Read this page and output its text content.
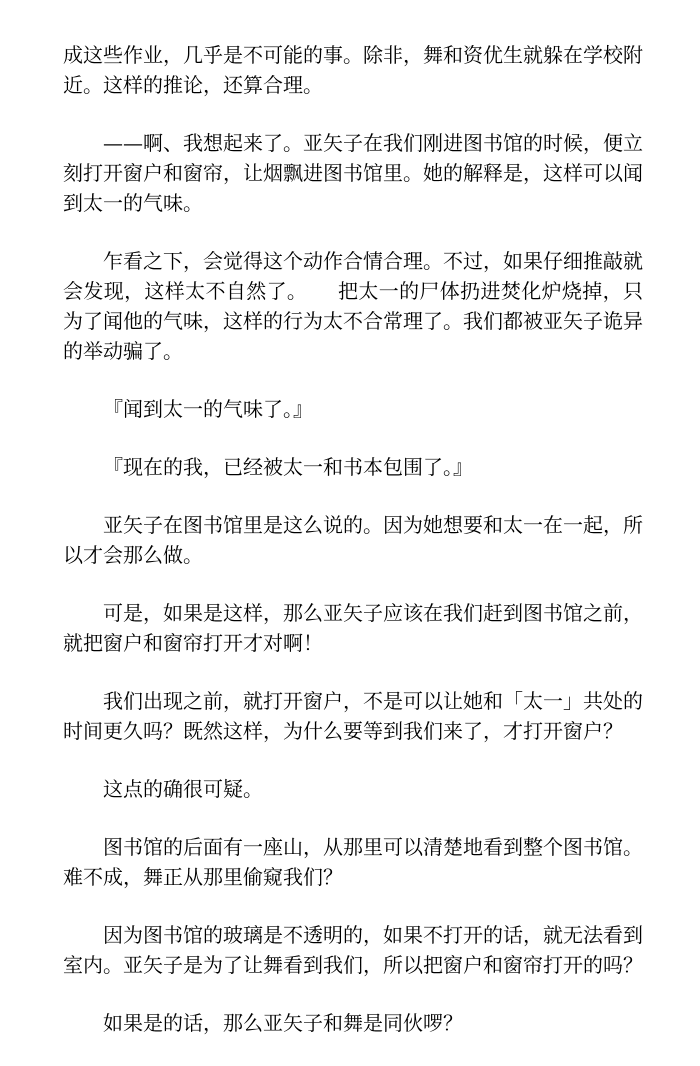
成这些作业，几乎是不可能的事。除非，舞和资优生就躲在学校附近。这样的推论，还算合理。

——啊、我想起来了。亚矢子在我们刚进图书馆的时候，便立刻打开窗户和窗帘，让烟飘进图书馆里。她的解释是，这样可以闻到太一的气味。

乍看之下，会觉得这个动作合情合理。不过，如果仔细推敲就会发现，这样太不自然了。　　把太一的尸体扔进焚化炉烧掉，只为了闻他的气味，这样的行为太不合常理了。我们都被亚矢子诡异的举动骗了。

『闻到太一的气味了。』

『现在的我，已经被太一和书本包围了。』

亚矢子在图书馆里是这么说的。因为她想要和太一在一起，所以才会那么做。

可是，如果是这样，那么亚矢子应该在我们赶到图书馆之前，就把窗户和窗帘打开才对啊！

我们出现之前，就打开窗户，不是可以让她和「太一」共处的时间更久吗？既然这样，为什么要等到我们来了，才打开窗户？

这点的确很可疑。

图书馆的后面有一座山，从那里可以清楚地看到整个图书馆。难不成，舞正从那里偷窥我们？

因为图书馆的玻璃是不透明的，如果不打开的话，就无法看到室内。亚矢子是为了让舞看到我们，所以把窗户和窗帘打开的吗？

如果是的话，那么亚矢子和舞是同伙啰？
